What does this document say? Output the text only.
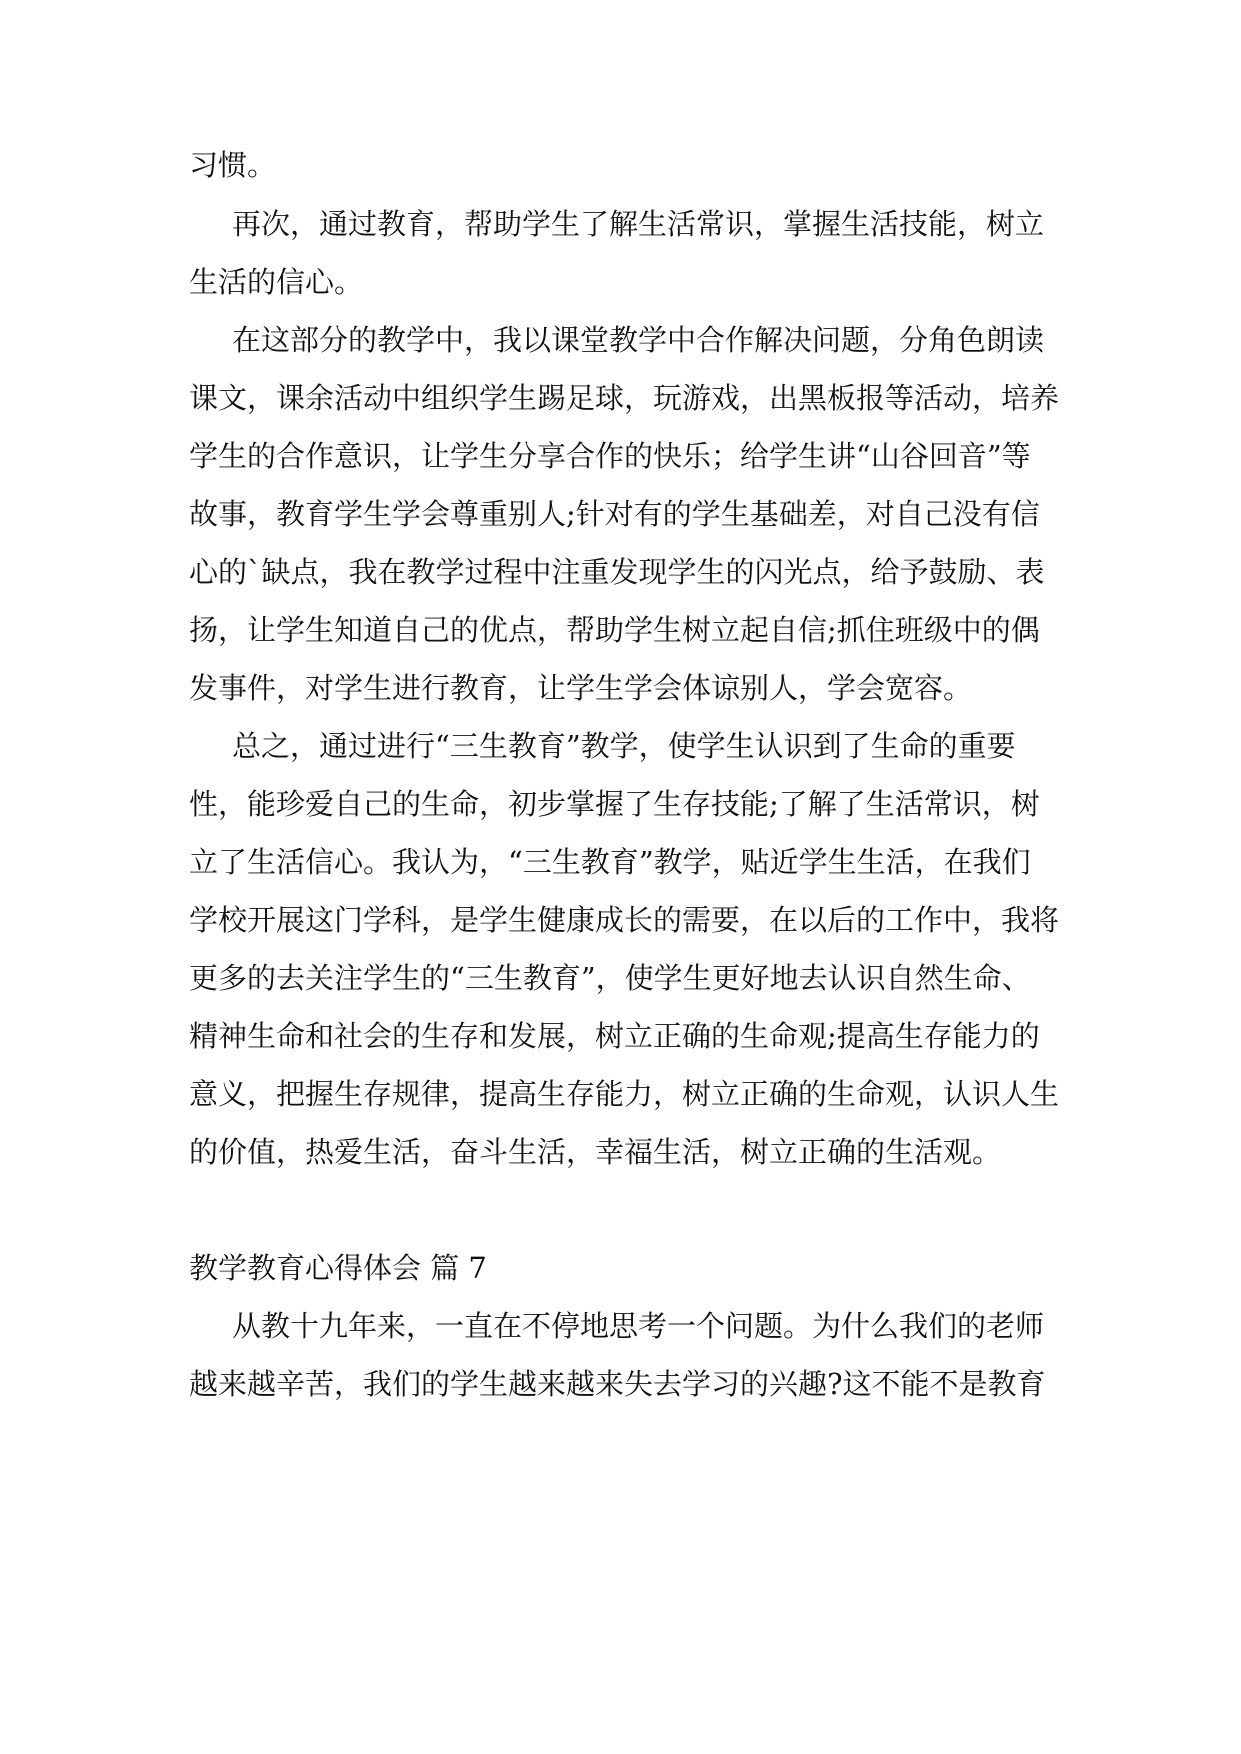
习惯。
再次，通过教育，帮助学生了解生活常识，掌握生活技能，树立
生活的信心。
在这部分的教学中，我以课堂教学中合作解决问题，分角色朗读
课文，课余活动中组织学生踢足球，玩游戏，出黑板报等活动，培养
学生的合作意识，让学生分享合作的快乐；给学生讲“山谷回音”等
故事，教育学生学会尊重别人;针对有的学生基础差，对自己没有信
心的`缺点，我在教学过程中注重发现学生的闪光点，给予鼓励、表
扬，让学生知道自己的优点，帮助学生树立起自信;抓住班级中的偶
发事件，对学生进行教育，让学生学会体谅别人，学会宽容。
总之，通过进行“三生教育”教学，使学生认识到了生命的重要
性，能珍爱自己的生命，初步掌握了生存技能;了解了生活常识，树
立了生活信心。我认为，“三生教育”教学，贴近学生生活，在我们
学校开展这门学科，是学生健康成长的需要，在以后的工作中，我将
更多的去关注学生的“三生教育”，使学生更好地去认识自然生命、
精神生命和社会的生存和发展，树立正确的生命观;提高生存能力的
意义，把握生存规律，提高生存能力，树立正确的生命观，认识人生
的价值，热爱生活，奋斗生活，幸福生活，树立正确的生活观。
教学教育心得体会 篇 7
从教十九年来，一直在不停地思考一个问题。为什么我们的老师
越来越辛苦，我们的学生越来越来失去学习的兴趣?这不能不是教育
